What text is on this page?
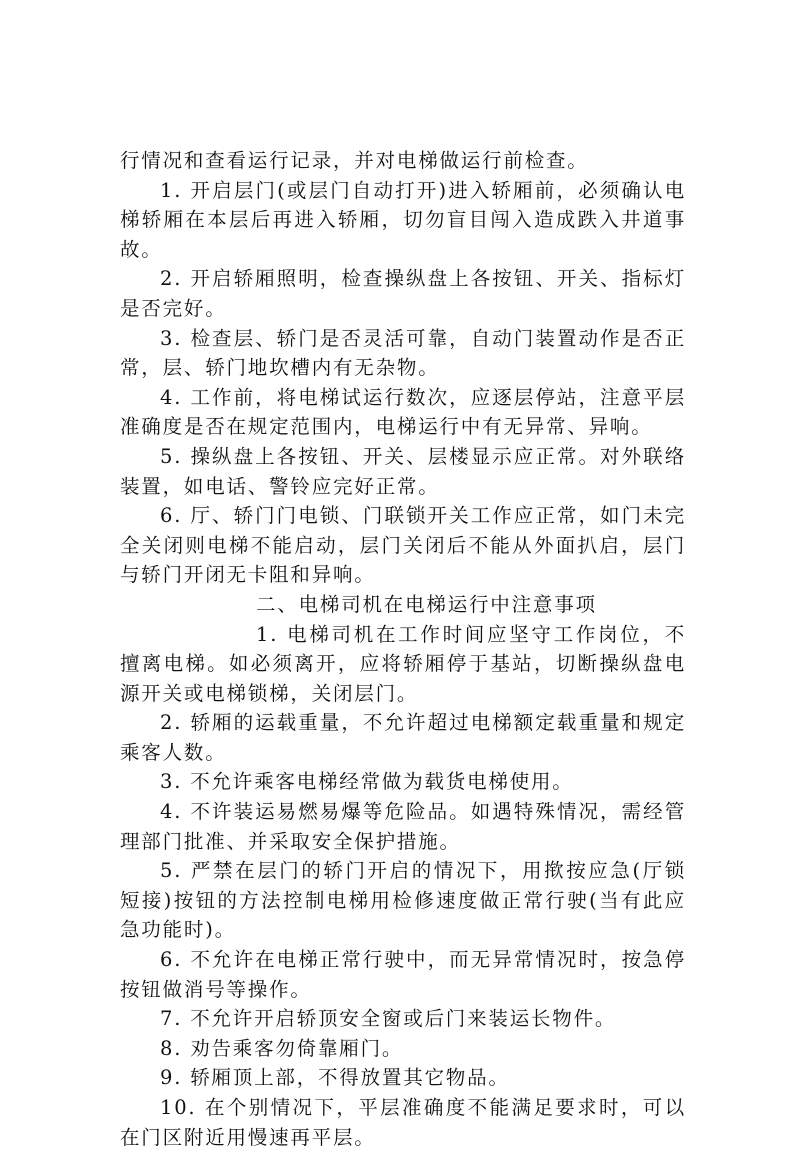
行情况和查看运行记录，并对电梯做运行前检查。

1. 开启层门(或层门自动打开)进入轿厢前，必须确认电梯轿厢在本层后再进入轿厢，切勿盲目闯入造成跌入井道事故。

2. 开启轿厢照明，检查操纵盘上各按钮、开关、指标灯是否完好。

3. 检查层、轿门是否灵活可靠，自动门装置动作是否正常，层、轿门地坎槽内有无杂物。

4. 工作前，将电梯试运行数次，应逐层停站，注意平层准确度是否在规定范围内，电梯运行中有无异常、异响。

5. 操纵盘上各按钮、开关、层楼显示应正常。对外联络装置，如电话、警铃应完好正常。

6. 厅、轿门门电锁、门联锁开关工作应正常，如门未完全关闭则电梯不能启动，层门关闭后不能从外面扒启，层门与轿门开闭无卡阻和异响。

二、电梯司机在电梯运行中注意事项

1. 电梯司机在工作时间应坚守工作岗位，不擅离电梯。如必须离开，应将轿厢停于基站，切断操纵盘电源开关或电梯锁梯，关闭层门。

2. 轿厢的运载重量，不允许超过电梯额定载重量和规定乘客人数。

3. 不允许乘客电梯经常做为载货电梯使用。

4. 不许装运易燃易爆等危险品。如遇特殊情况，需经管理部门批准、并采取安全保护措施。

5. 严禁在层门的轿门开启的情况下，用揿按应急(厅锁短接)按钮的方法控制电梯用检修速度做正常行驶(当有此应急功能时)。

6. 不允许在电梯正常行驶中，而无异常情况时，按急停按钮做消号等操作。

7. 不允许开启轿顶安全窗或后门来装运长物件。

8. 劝告乘客勿倚靠厢门。

9. 轿厢顶上部，不得放置其它物品。

10. 在个别情况下，平层准确度不能满足要求时，可以在门区附近用慢速再平层。
